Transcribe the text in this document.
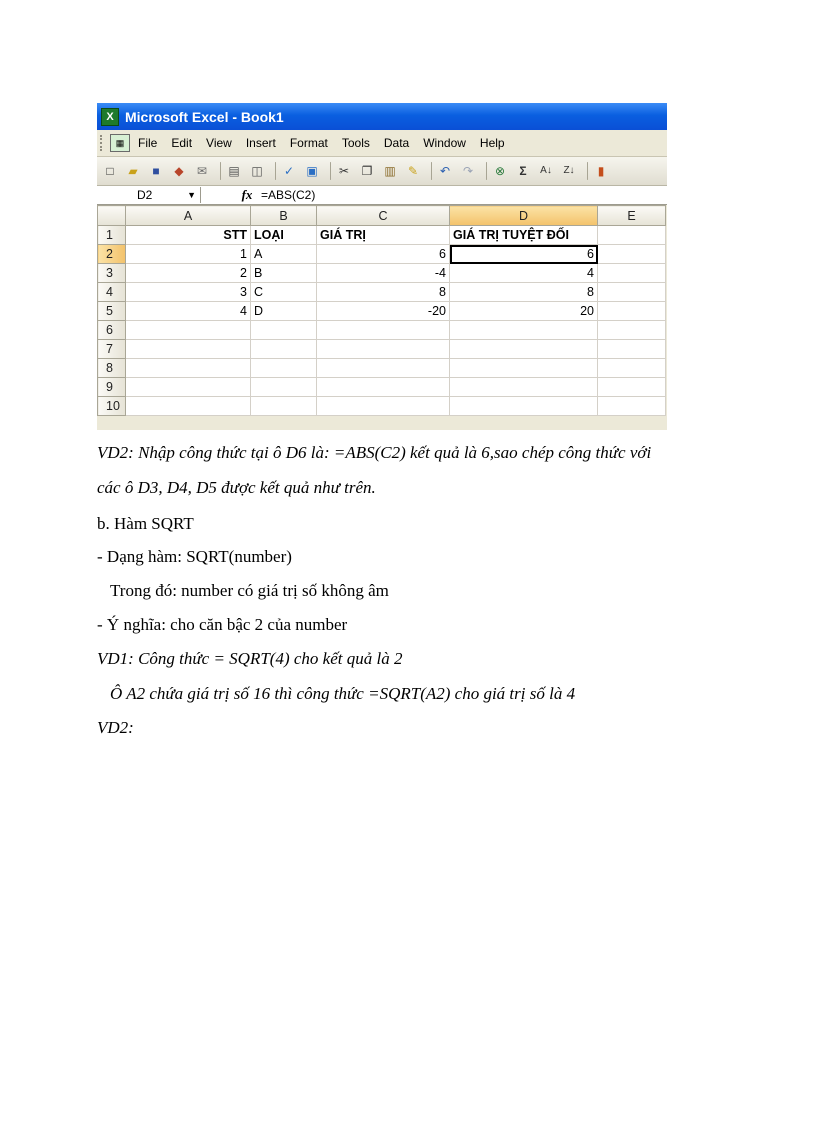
X Microsoft Excel - Book1
▦	File Edit View Insert Format Tools Data Window Help
□	▰	■	◆	✉	▤ ◫	✓	▣	✂	❐ ▥	✎	↶	↷	⊗	Σ	A↓	Z↓	▮
D2	▼	fx =ABS(C2)
	A	B	C	D	E
1	STT	LOẠI	GIÁ TRỊ	GIÁ TRỊ TUYỆT ĐỐI	
2	1	A	6	6	
3	2	B	-4	4	
4	3	C	8	8	
5	4	D	-20	20	
6					
7					
8					
9					
10					
VD2: Nhập công thức tại ô D6 là: =ABS(C2) kết quả là 6,sao chép công thức với
các ô D3, D4, D5 được kết quả như trên.
b. Hàm SQRT
- Dạng hàm: SQRT(number)
Trong đó: number có giá trị số không âm
- Ý nghĩa: cho căn bậc 2 của number
VD1: Công thức = SQRT(4) cho kết quả là 2
Ô A2 chứa giá trị số 16 thì công thức =SQRT(A2) cho giá trị số là 4
VD2:
